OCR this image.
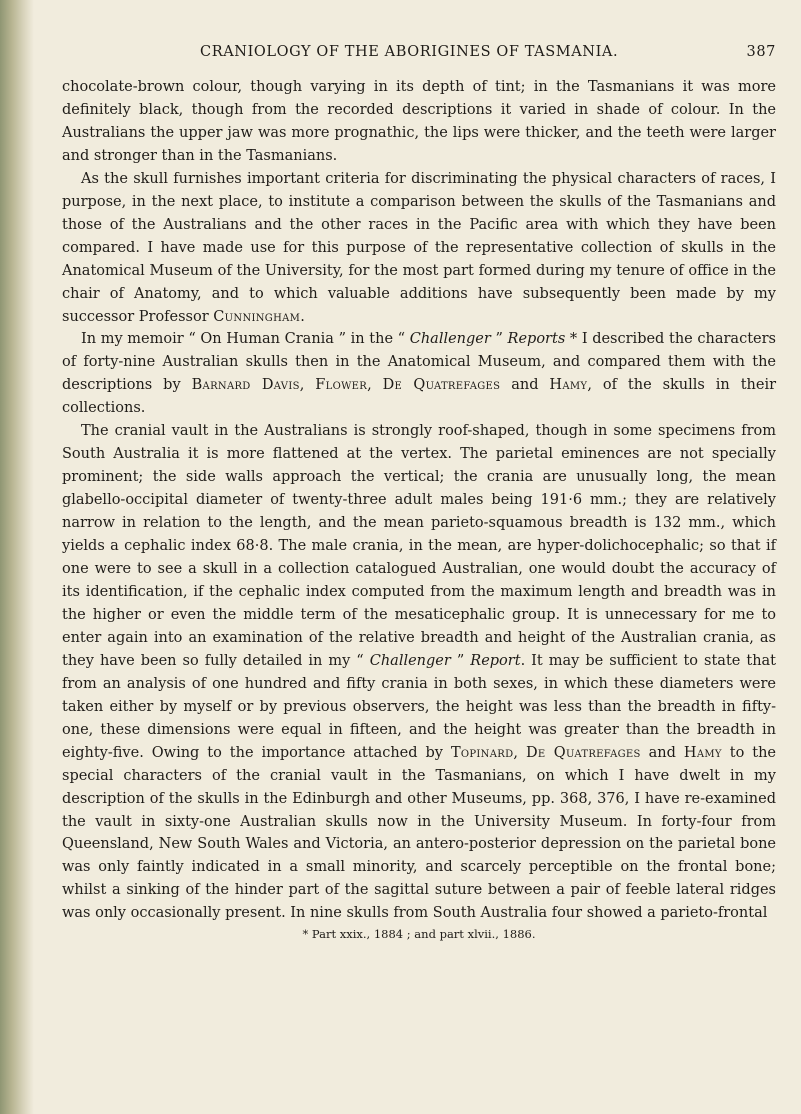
CRANIOLOGY OF THE ABORIGINES OF TASMANIA.	387

chocolate-brown colour, though varying in its depth of tint; in the Tasmanians it was more definitely black, though from the recorded descriptions it varied in shade of colour. In the Australians the upper jaw was more prognathic, the lips were thicker, and the teeth were larger and stronger than in the Tasmanians.

As the skull furnishes important criteria for discriminating the physical characters of races, I purpose, in the next place, to institute a comparison between the skulls of the Tasmanians and those of the Australians and the other races in the Pacific area with which they have been compared. I have made use for this purpose of the representative collection of skulls in the Anatomical Museum of the University, for the most part formed during my tenure of office in the chair of Anatomy, and to which valuable additions have subsequently been made by my successor Professor Cunningham.

In my memoir “ On Human Crania ” in the “ Challenger ” Reports * I described the characters of forty-nine Australian skulls then in the Anatomical Museum, and compared them with the descriptions by Barnard Davis, Flower, De Quatrefages and Hamy, of the skulls in their collections.

The cranial vault in the Australians is strongly roof-shaped, though in some specimens from South Australia it is more flattened at the vertex. The parietal eminences are not specially prominent; the side walls approach the vertical; the crania are unusually long, the mean glabello-occipital diameter of twenty-three adult males being 191·6 mm.; they are relatively narrow in relation to the length, and the mean parieto-squamous breadth is 132 mm., which yields a cephalic index 68·8. The male crania, in the mean, are hyper-dolichocephalic; so that if one were to see a skull in a collection catalogued Australian, one would doubt the accuracy of its identification, if the cephalic index computed from the maximum length and breadth was in the higher or even the middle term of the mesaticephalic group. It is unnecessary for me to enter again into an examination of the relative breadth and height of the Australian crania, as they have been so fully detailed in my “ Challenger ” Report. It may be sufficient to state that from an analysis of one hundred and fifty crania in both sexes, in which these diameters were taken either by myself or by previous observers, the height was less than the breadth in fifty-one, these dimensions were equal in fifteen, and the height was greater than the breadth in eighty-five. Owing to the importance attached by Topinard, De Quatrefages and Hamy to the special characters of the cranial vault in the Tasmanians, on which I have dwelt in my description of the skulls in the Edinburgh and other Museums, pp. 368, 376, I have re-examined the vault in sixty-one Australian skulls now in the University Museum. In forty-four from Queensland, New South Wales and Victoria, an antero-posterior depression on the parietal bone was only faintly indicated in a small minority, and scarcely perceptible on the frontal bone; whilst a sinking of the hinder part of the sagittal suture between a pair of feeble lateral ridges was only occasionally present. In nine skulls from South Australia four showed a parieto-frontal

* Part xxix., 1884 ; and part xlvii., 1886.
